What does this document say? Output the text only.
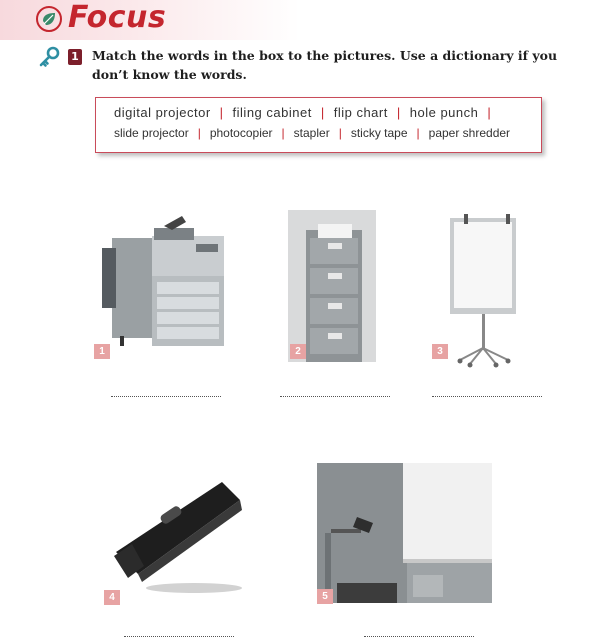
Focus
1 Match the words in the box to the pictures. Use a dictionary if you don’t know the words.
digital projector | filing cabinet | flip chart | hole punch |
slide projector | photocopier | stapler | sticky tape | paper shredder
1	2	3
4	5
